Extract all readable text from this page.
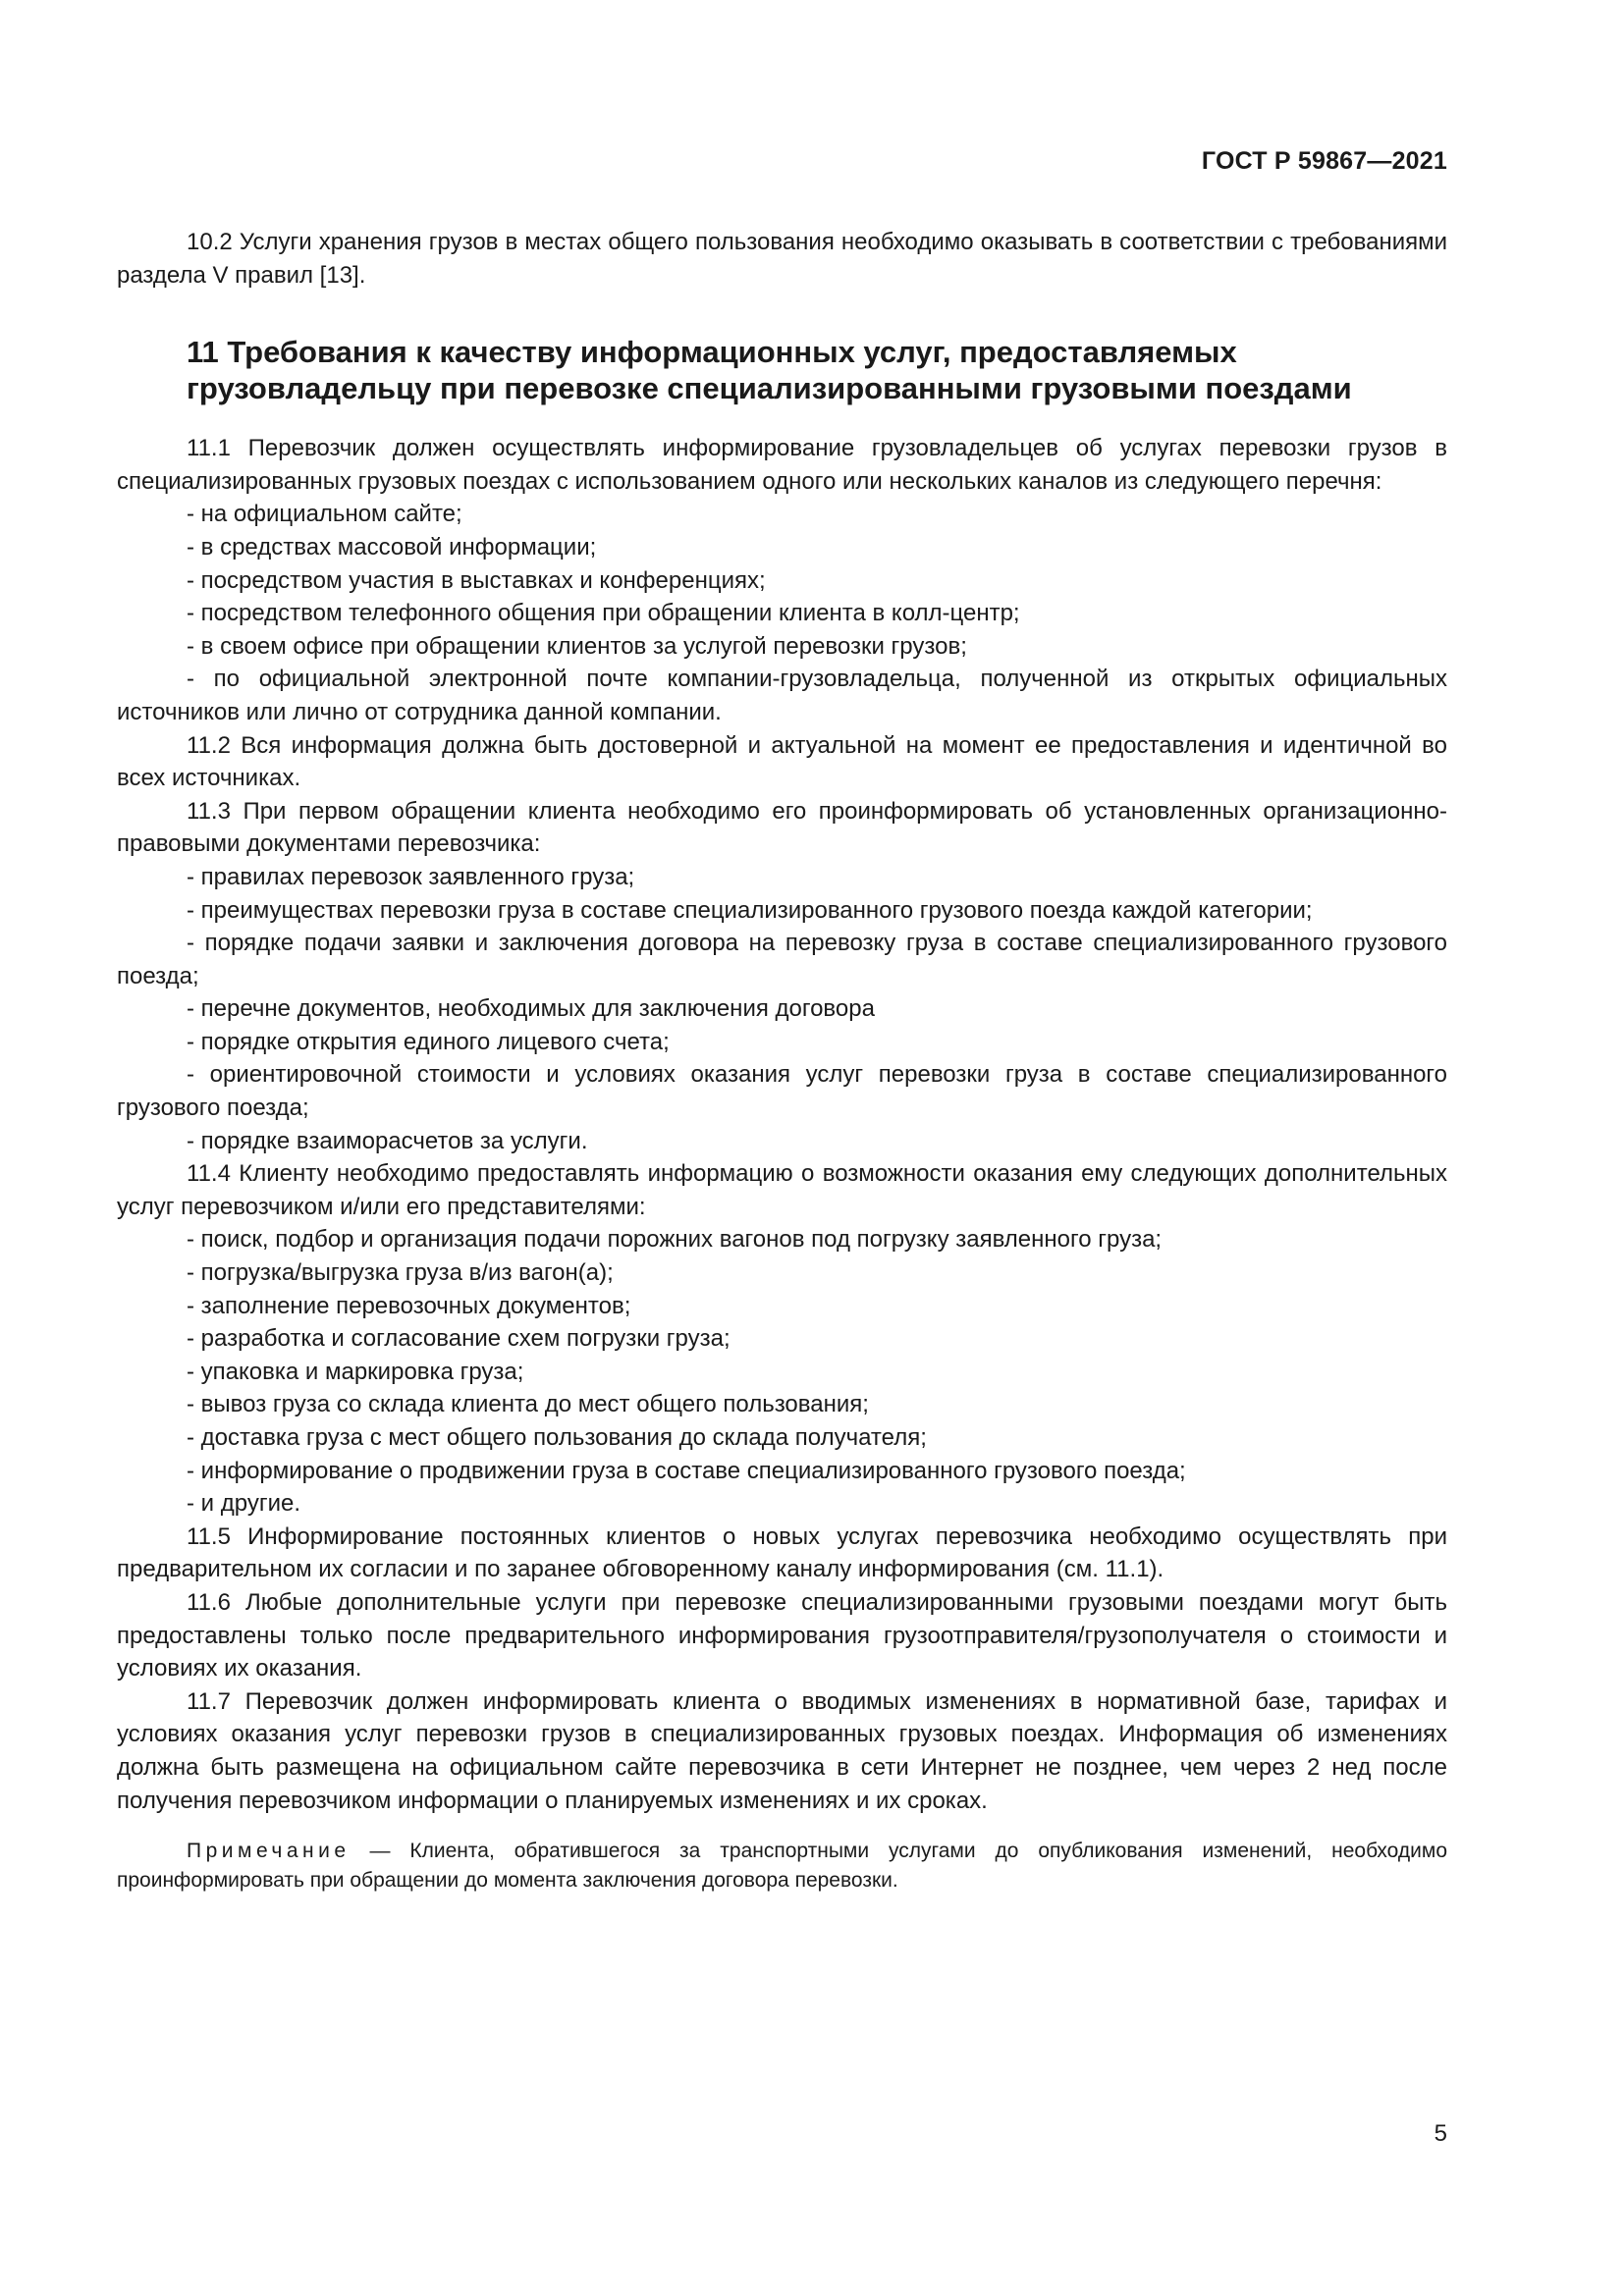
ГОСТ Р 59867—2021

10.2 Услуги хранения грузов в местах общего пользования необходимо оказывать в соответствии с требованиями раздела V правил [13].

11 Требования к качеству информационных услуг, предоставляемых грузовладельцу при перевозке специализированными грузовыми поездами

11.1 Перевозчик должен осуществлять информирование грузовладельцев об услугах перевозки грузов в специализированных грузовых поездах с использованием одного или нескольких каналов из следующего перечня:

- на официальном сайте;

- в средствах массовой информации;

- посредством участия в выставках и конференциях;

- посредством телефонного общения при обращении клиента в колл-центр;

- в своем офисе при обращении клиентов за услугой перевозки грузов;

- по официальной электронной почте компании-грузовладельца, полученной из открытых официальных источников или лично от сотрудника данной компании.

11.2 Вся информация должна быть достоверной и актуальной на момент ее предоставления и идентичной во всех источниках.

11.3 При первом обращении клиента необходимо его проинформировать об установленных организационно-правовыми документами перевозчика:

- правилах перевозок заявленного груза;

- преимуществах перевозки груза в составе специализированного грузового поезда каждой категории;

- порядке подачи заявки и заключения договора на перевозку груза в составе специализированного грузового поезда;

- перечне документов, необходимых для заключения договора

- порядке открытия единого лицевого счета;

- ориентировочной стоимости и условиях оказания услуг перевозки груза в составе специализированного грузового поезда;

- порядке взаиморасчетов за услуги.

11.4 Клиенту необходимо предоставлять информацию о возможности оказания ему следующих дополнительных услуг перевозчиком и/или его представителями:

- поиск, подбор и организация подачи порожних вагонов под погрузку заявленного груза;

- погрузка/выгрузка груза в/из вагон(а);

- заполнение перевозочных документов;

- разработка и согласование схем погрузки груза;

- упаковка и маркировка груза;

- вывоз груза со склада клиента до мест общего пользования;

- доставка груза с мест общего пользования до склада получателя;

- информирование о продвижении груза в составе специализированного грузового поезда;

- и другие.

11.5 Информирование постоянных клиентов о новых услугах перевозчика необходимо осуществлять при предварительном их согласии и по заранее обговоренному каналу информирования (см. 11.1).

11.6 Любые дополнительные услуги при перевозке специализированными грузовыми поездами могут быть предоставлены только после предварительного информирования грузоотправителя/грузополучателя о стоимости и условиях их оказания.

11.7 Перевозчик должен информировать клиента о вводимых изменениях в нормативной базе, тарифах и условиях оказания услуг перевозки грузов в специализированных грузовых поездах. Информация об изменениях должна быть размещена на официальном сайте перевозчика в сети Интернет не позднее, чем через 2 нед после получения перевозчиком информации о планируемых изменениях и их сроках.

Примечание — Клиента, обратившегося за транспортными услугами до опубликования изменений, необходимо проинформировать при обращении до момента заключения договора перевозки.

5
